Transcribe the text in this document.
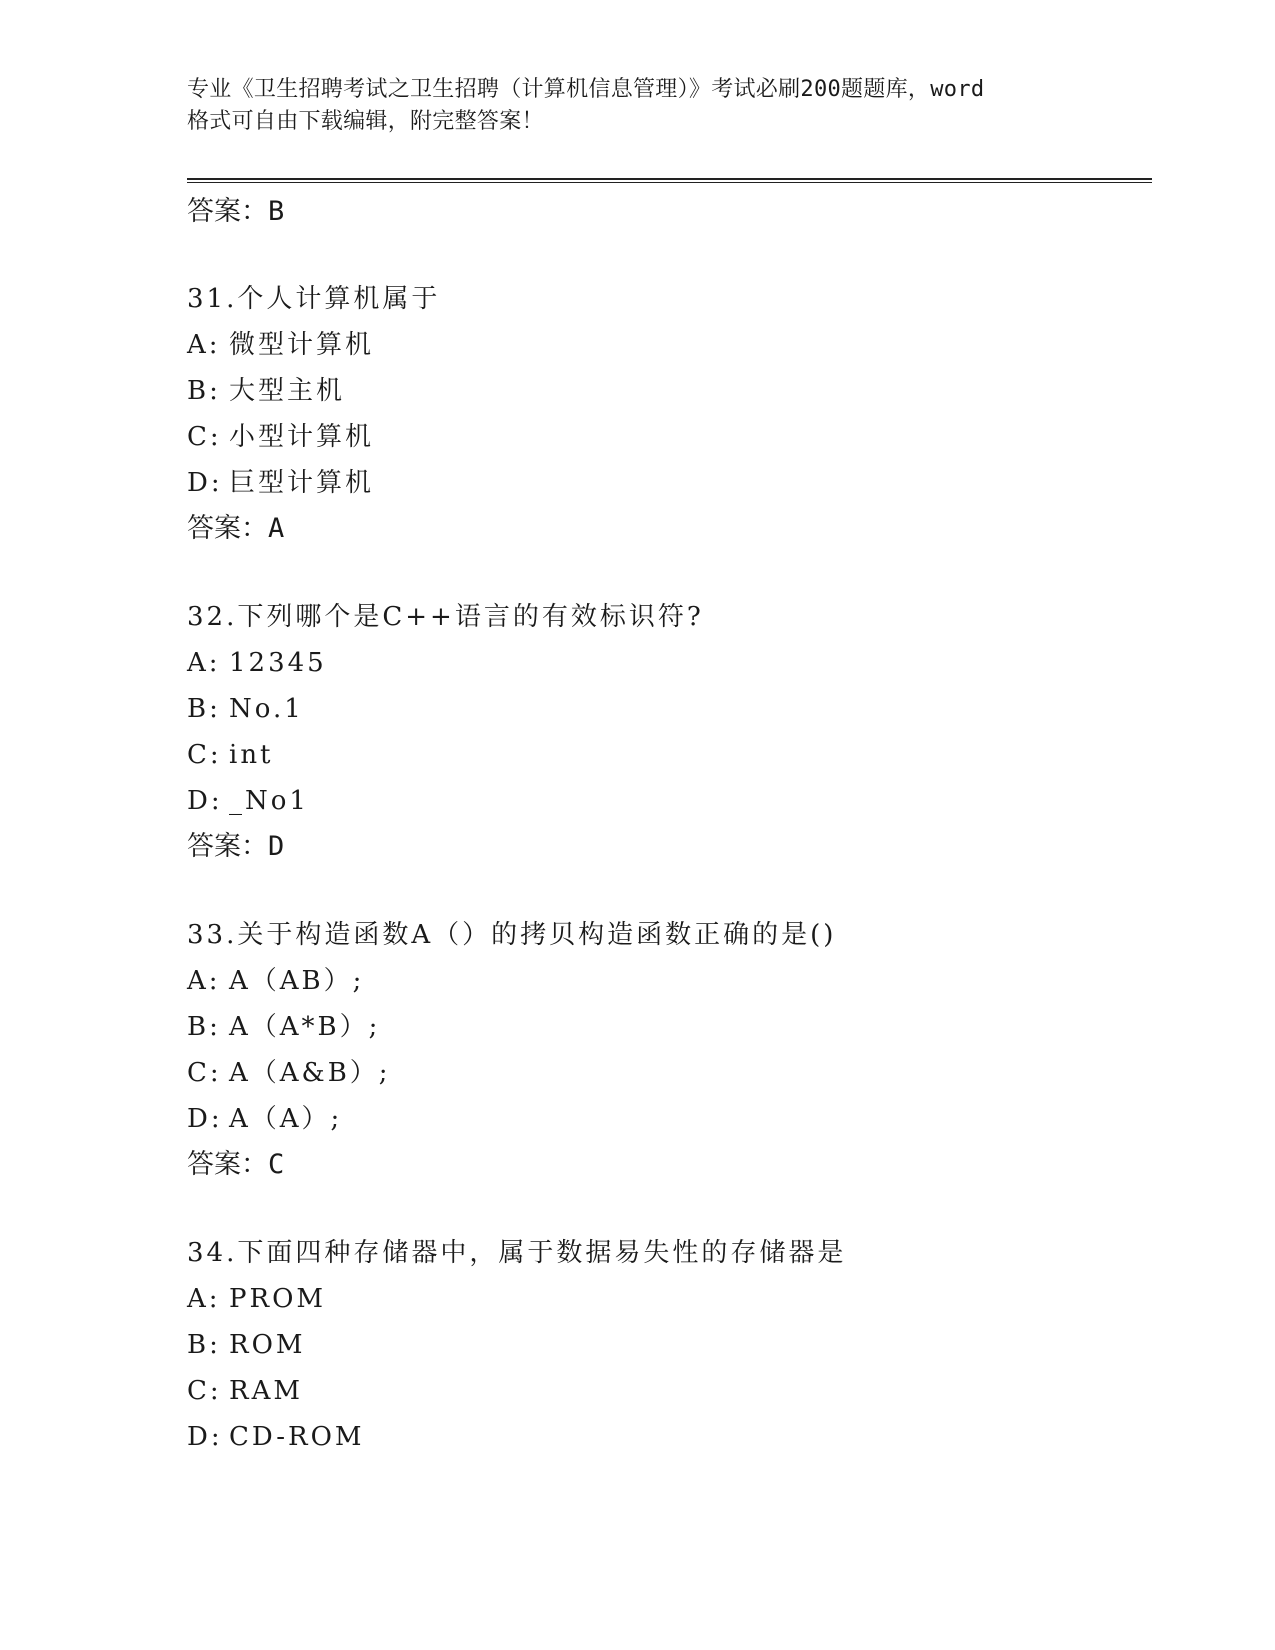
专业《卫生招聘考试之卫生招聘（计算机信息管理）》考试必刷200题题库，word
格式可自由下载编辑，附完整答案！
答案：B
31.个人计算机属于
A: 微型计算机
B: 大型主机
C: 小型计算机
D: 巨型计算机
答案：A
32.下列哪个是C++语言的有效标识符?
A: 12345
B: No.1
C: int
D: _No1
答案：D
33.关于构造函数A（）的拷贝构造函数正确的是()
A: A（AB）;
B: A（A*B）;
C: A（A&B）;
D: A（A）;
答案：C
34.下面四种存储器中，属于数据易失性的存储器是
A: PROM
B: ROM
C: RAM
D: CD-ROM
